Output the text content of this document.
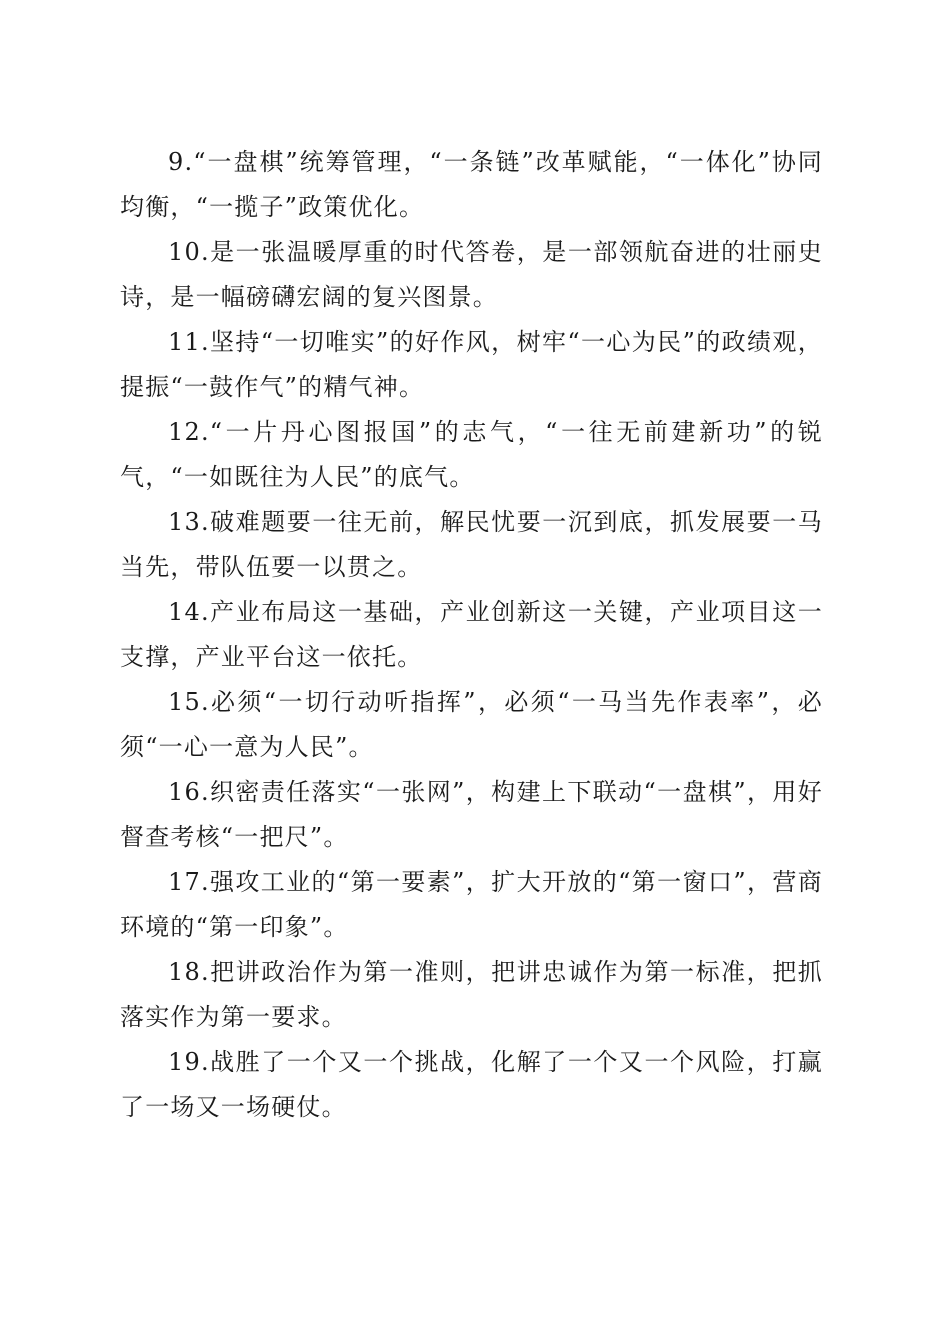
9.“一盘棋”统筹管理，“一条链”改革赋能，“一体化”协同均衡，“一揽子”政策优化。

10.是一张温暖厚重的时代答卷，是一部领航奋进的壮丽史诗，是一幅磅礴宏阔的复兴图景。

11.坚持“一切唯实”的好作风，树牢“一心为民”的政绩观，提振“一鼓作气”的精气神。

12.“一片丹心图报国”的志气，“一往无前建新功”的锐气，“一如既往为人民”的底气。

13.破难题要一往无前，解民忧要一沉到底，抓发展要一马当先，带队伍要一以贯之。

14.产业布局这一基础，产业创新这一关键，产业项目这一支撑，产业平台这一依托。

15.必须“一切行动听指挥”，必须“一马当先作表率”，必须“一心一意为人民”。

16.织密责任落实“一张网”，构建上下联动“一盘棋”，用好督查考核“一把尺”。

17.强攻工业的“第一要素”，扩大开放的“第一窗口”，营商环境的“第一印象”。

18.把讲政治作为第一准则，把讲忠诚作为第一标准，把抓落实作为第一要求。

19.战胜了一个又一个挑战，化解了一个又一个风险，打赢了一场又一场硬仗。
